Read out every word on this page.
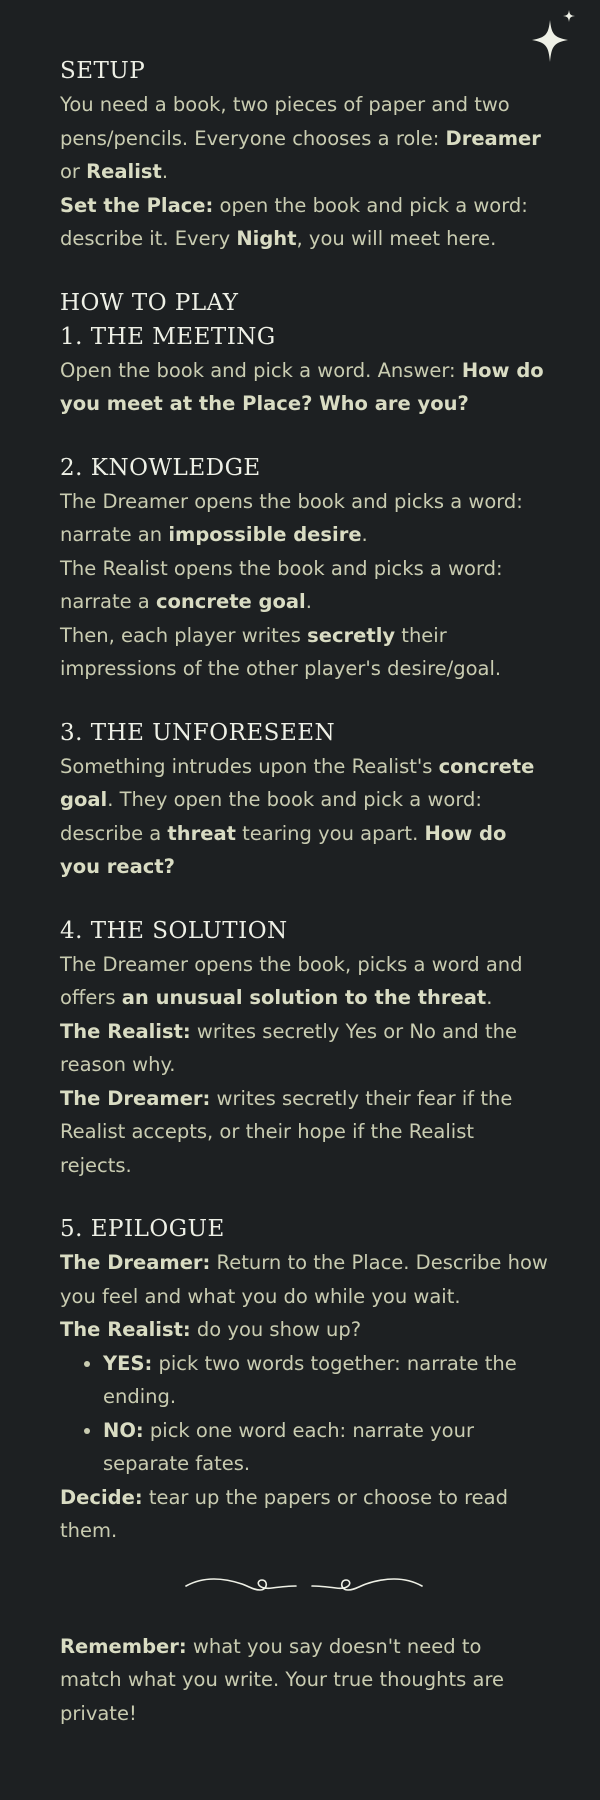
SETUP

You need a book, two pieces of paper and two pens/pencils. Everyone chooses a role: Dreamer or Realist.

Set the Place: open the book and pick a word: describe it. Every Night, you will meet here.

HOW TO PLAY
1. THE MEETING

Open the book and pick a word. Answer: How do you meet at the Place? Who are you?

2. KNOWLEDGE

The Dreamer opens the book and picks a word: narrate an impossible desire.

The Realist opens the book and picks a word: narrate a concrete goal.

Then, each player writes secretly their impressions of the other player's desire/goal.

3. THE UNFORESEEN

Something intrudes upon the Realist's concrete goal. They open the book and pick a word: describe a threat tearing you apart. How do you react?

4. THE SOLUTION

The Dreamer opens the book, picks a word and offers an unusual solution to the threat.

The Realist: writes secretly Yes or No and the reason why.

The Dreamer: writes secretly their fear if the Realist accepts, or their hope if the Realist rejects.

5. EPILOGUE

The Dreamer: Return to the Place. Describe how you feel and what you do while you wait.

The Realist: do you show up?

• YES: pick two words together: narrate the ending.
• NO: pick one word each: narrate your separate fates.

Decide: tear up the papers or choose to read them.

Remember: what you say doesn't need to match what you write. Your true thoughts are private!
